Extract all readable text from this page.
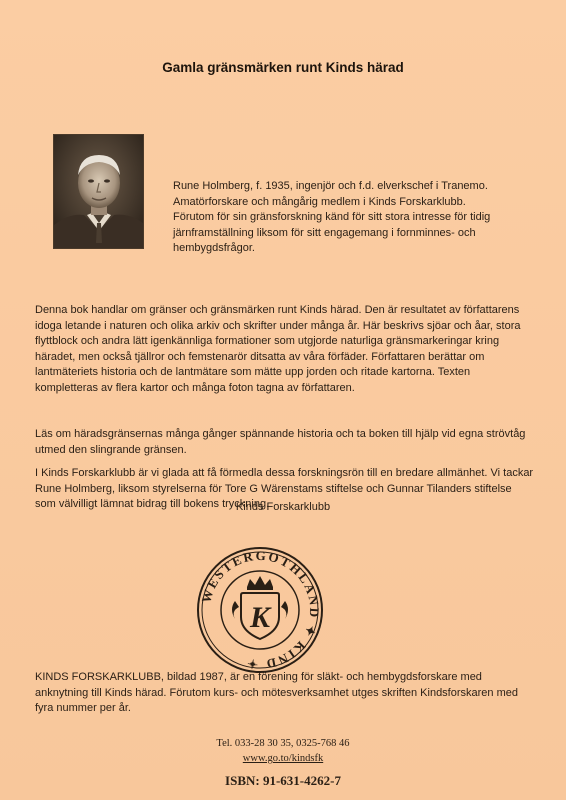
Gamla gränsmärken runt Kinds härad
Rune Holmberg, f. 1935, ingenjör och f.d. elverkschef i Tranemo. Amatörforskare och mångårig medlem i Kinds Forskarklubb. Förutom för sin gränsforskning känd för sitt stora intresse för tidig järnframställning liksom för sitt engagemang i fornminnes- och hembygdsfrågor.
Denna bok handlar om gränser och gränsmärken runt Kinds härad. Den är resultatet av författarens idoga letande i naturen och olika arkiv och skrifter under många år. Här beskrivs sjöar och åar, stora flyttblock och andra lätt igenkännliga formationer som utgjorde naturliga gränsmarkeringar kring häradet, men också tjällror och femstenarör ditsatta av våra förfäder. Författaren berättar om lantmäteriets historia och de lantmätare som mätte upp jorden och ritade kartorna. Texten kompletteras av flera kartor och många foton tagna av författaren.
Läs om häradsgränsernas många gånger spännande historia och ta boken till hjälp vid egna strövtåg utmed den slingrande gränsen.
I Kinds Forskarklubb är vi glada att få förmedla dessa forskningsrön till en bredare allmänhet. Vi tackar Rune Holmberg, liksom styrelserna för Tore G Wärenstams stiftelse och Gunnar Tilanders stiftelse som välvilligt lämnat bidrag till bokens tryckning.
Kinds Forskarklubb
WESTERGOTHLAND ✦ KIND ✦
K
KINDS FORSKARKLUBB, bildad 1987, är en förening för släkt- och hembygdsforskare med anknytning till Kinds härad. Förutom kurs- och mötesverksamhet utges skriften Kindsforskaren med fyra nummer per år.
Tel. 033-28 30 35, 0325-768 46
www.go.to/kindsfk
ISBN: 91-631-4262-7
